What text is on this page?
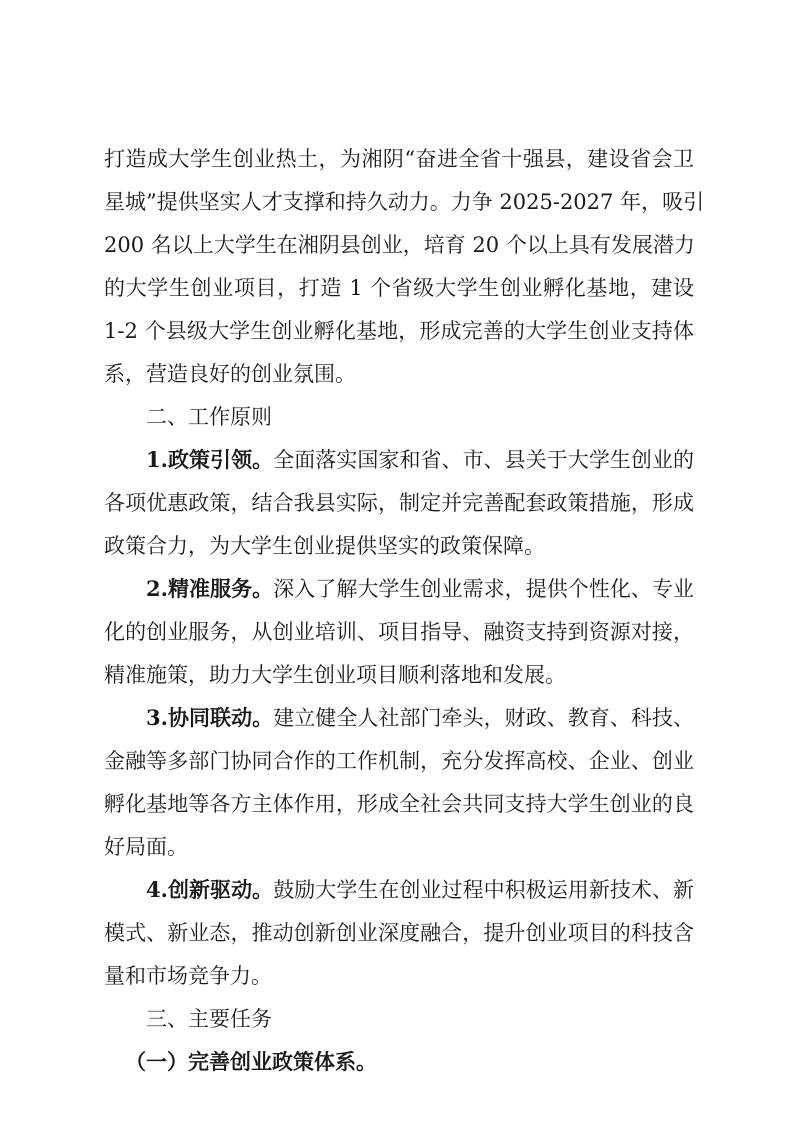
打造成大学生创业热土，为湘阴“奋进全省十强县，建设省会卫
星城”提供坚实人才支撑和持久动力。力争 2025-2027 年，吸引
200 名以上大学生在湘阴县创业，培育 20 个以上具有发展潜力
的大学生创业项目，打造 1 个省级大学生创业孵化基地，建设
1-2 个县级大学生创业孵化基地，形成完善的大学生创业支持体
系，营造良好的创业氛围。
二、工作原则
1.政策引领。全面落实国家和省、市、县关于大学生创业的
各项优惠政策，结合我县实际，制定并完善配套政策措施，形成
政策合力，为大学生创业提供坚实的政策保障。
2.精准服务。深入了解大学生创业需求，提供个性化、专业
化的创业服务，从创业培训、项目指导、融资支持到资源对接，
精准施策，助力大学生创业项目顺利落地和发展。
3.协同联动。建立健全人社部门牵头，财政、教育、科技、
金融等多部门协同合作的工作机制，充分发挥高校、企业、创业
孵化基地等各方主体作用，形成全社会共同支持大学生创业的良
好局面。
4.创新驱动。鼓励大学生在创业过程中积极运用新技术、新
模式、新业态，推动创新创业深度融合，提升创业项目的科技含
量和市场竞争力。
三、主要任务
（一）完善创业政策体系。
